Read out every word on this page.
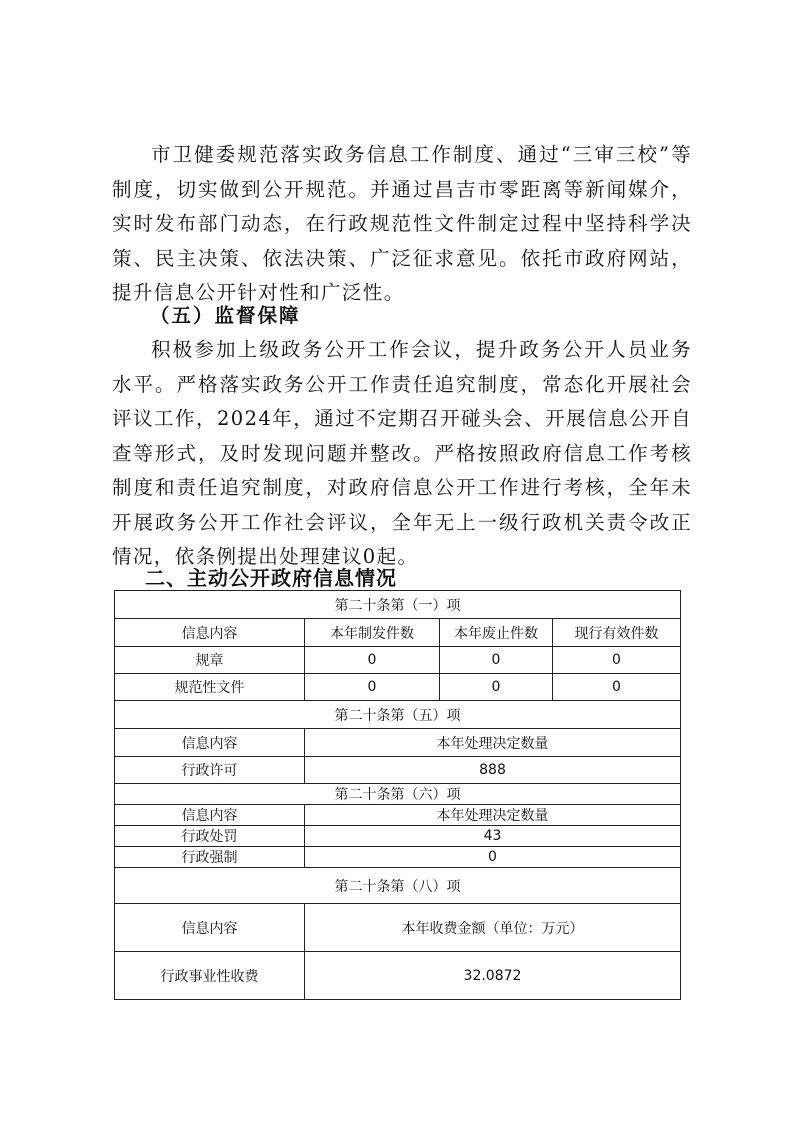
市卫健委规范落实政务信息工作制度、通过“三审三校”等制度，切实做到公开规范。并通过昌吉市零距离等新闻媒介，实时发布部门动态，在行政规范性文件制定过程中坚持科学决策、民主决策、依法决策、广泛征求意见。依托市政府网站，提升信息公开针对性和广泛性。
（五）监督保障
积极参加上级政务公开工作会议，提升政务公开人员业务水平。严格落实政务公开工作责任追究制度，常态化开展社会评议工作，2024年，通过不定期召开碰头会、开展信息公开自查等形式，及时发现问题并整改。严格按照政府信息工作考核制度和责任追究制度，对政府信息公开工作进行考核，全年未开展政务公开工作社会评议，全年无上一级行政机关责令改正情况，依条例提出处理建议0起。
二、主动公开政府信息情况
第二十条第（一）项			
信息内容	本年制发件数	本年废止件数	现行有效件数
规章	0	0	0
规范性文件	0	0	0
第二十条第（五）项			
信息内容	本年处理决定数量		
行政许可	888		
第二十条第（六）项			
信息内容	本年处理决定数量		
行政处罚	43		
行政强制	0		
第二十条第（八）项			
信息内容	本年收费金额（单位：万元）		
行政事业性收费	32.0872		
